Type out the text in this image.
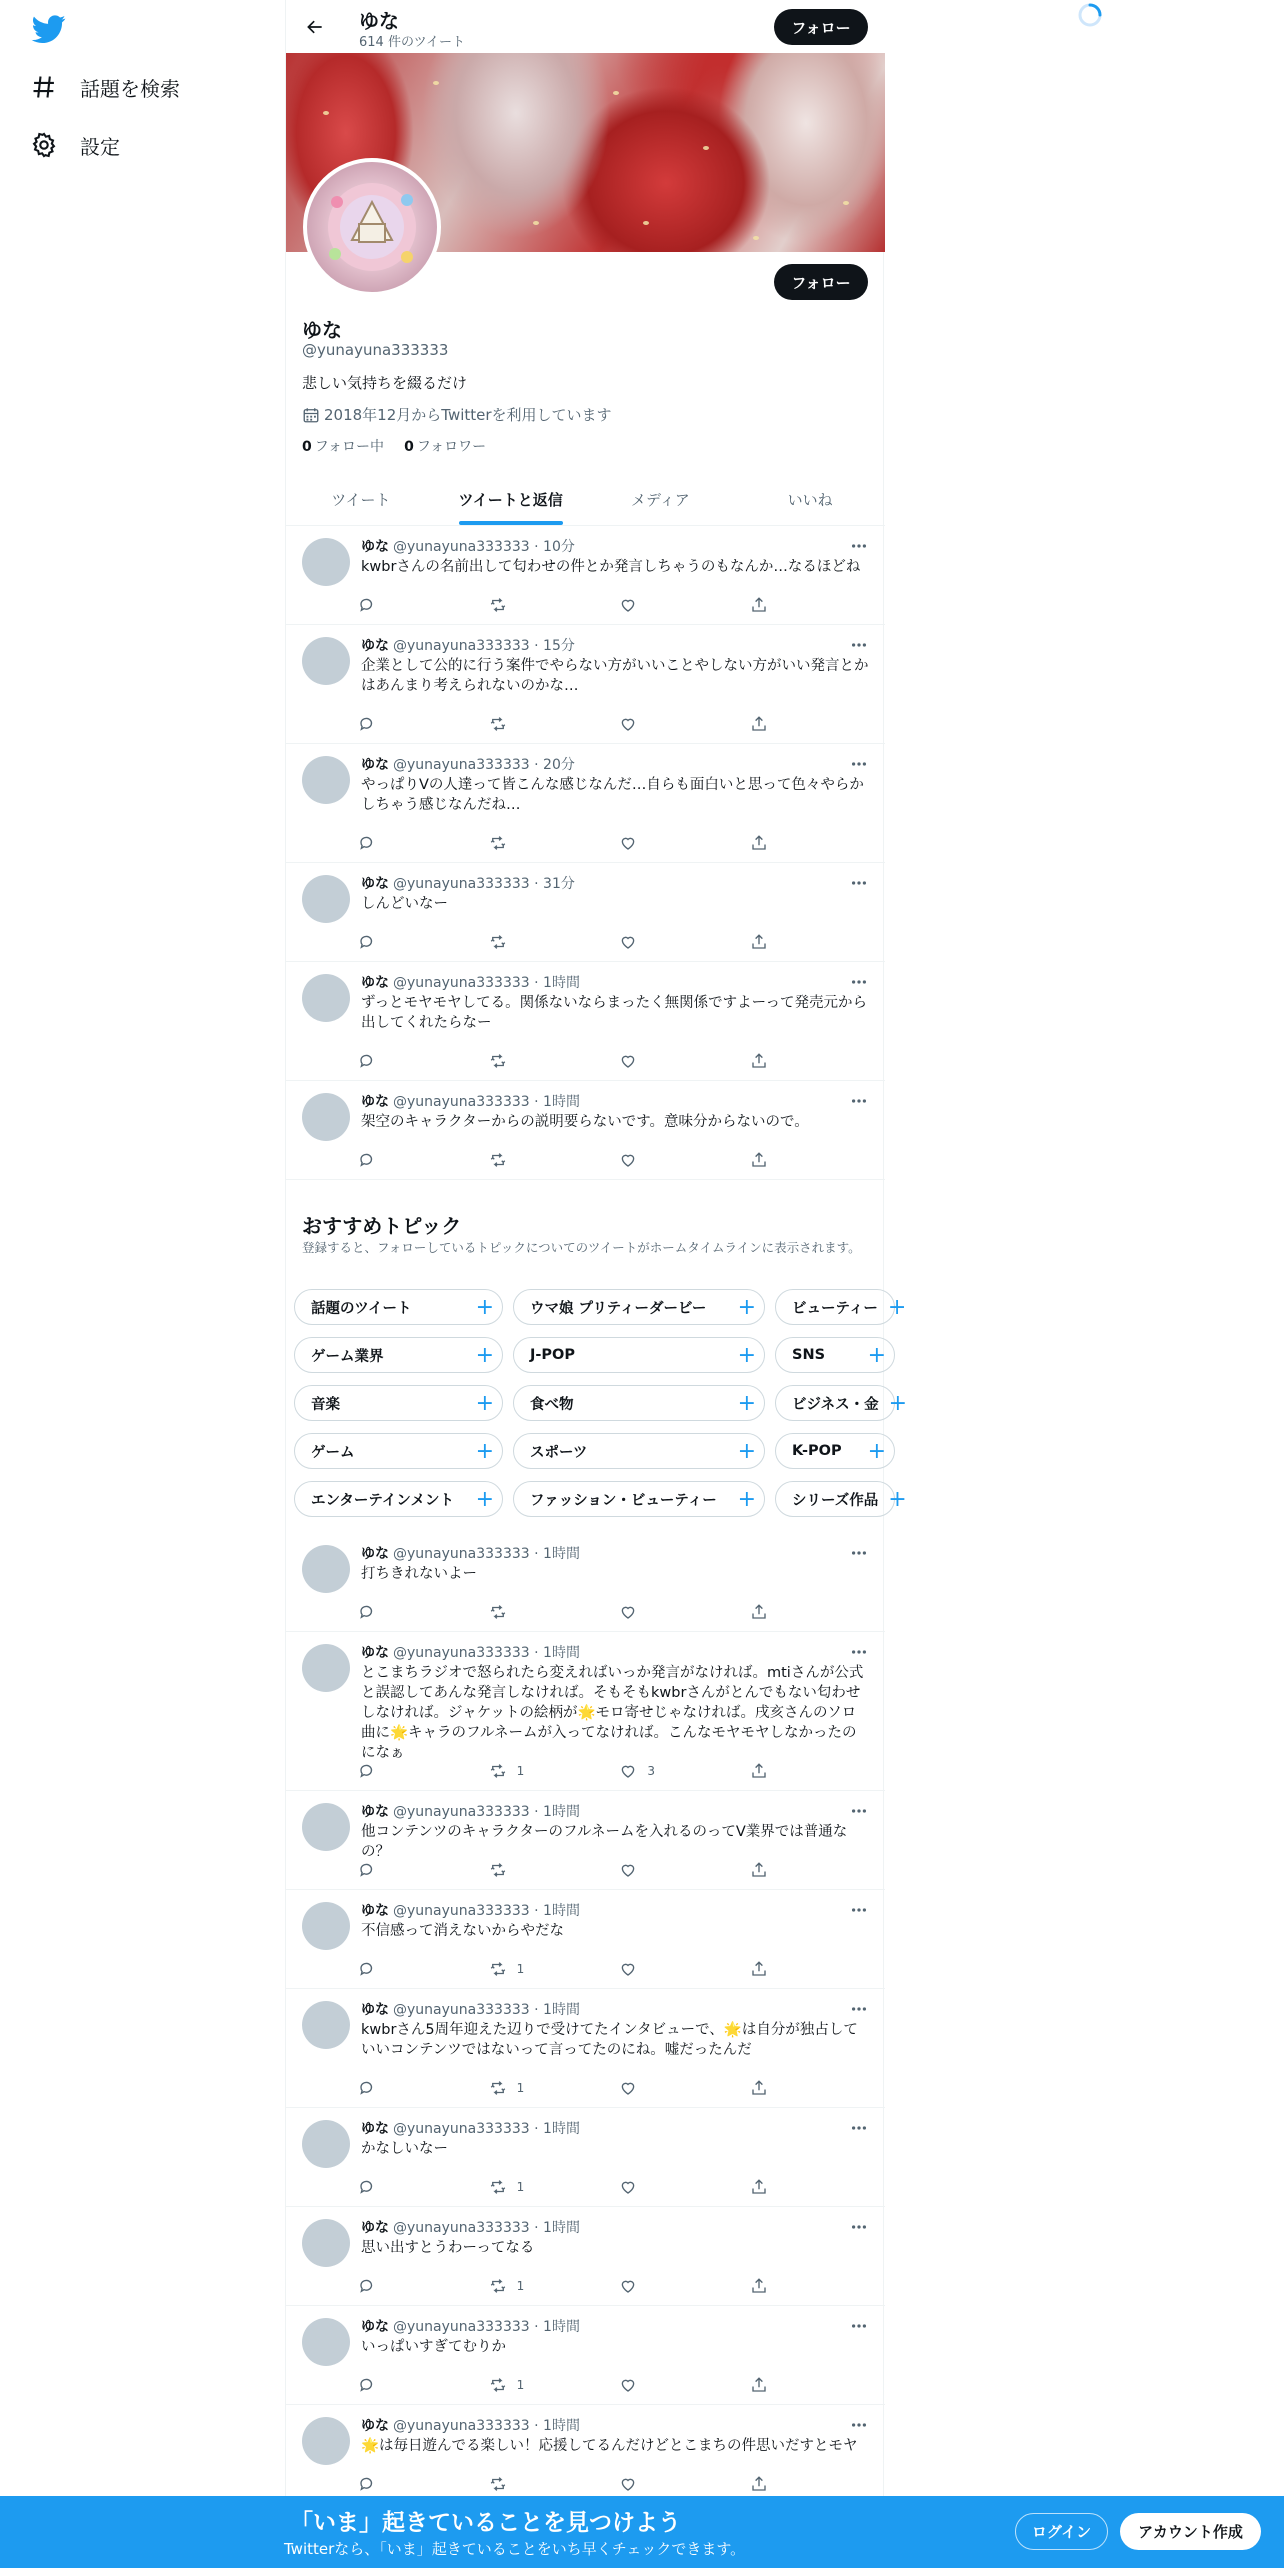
話題を検索
設定
ゆな
614 件のツイート
フォロー
フォロー
ゆな
@yunayuna333333
悲しい気持ちを綴るだけ
2018年12月からTwitterを利用しています
0 フォロー中 0 フォロワー
ツイート	ツイートと返信	メディア	いいね
ゆな @yunayuna333333 · 10分
kwbrさんの名前出して匂わせの件とか発言しちゃうのもなんか…なるほどね
ゆな @yunayuna333333 · 15分
企業として公的に行う案件でやらない方がいいことやしない方がいい発言とかはあんまり考えられないのかな…
ゆな @yunayuna333333 · 20分
やっぱりVの人達って皆こんな感じなんだ…自らも面白いと思って色々やらかしちゃう感じなんだね…
ゆな @yunayuna333333 · 31分
しんどいなー
ゆな @yunayuna333333 · 1時間
ずっとモヤモヤしてる。関係ないならまったく無関係ですよーって発売元から出してくれたらなー
ゆな @yunayuna333333 · 1時間
架空のキャラクターからの説明要らないです。意味分からないので。
おすすめトピック
登録すると、フォローしているトピックについてのツイートがホームタイムラインに表示されます。
話題のツイート	+ ウマ娘 プリティーダービー + ビューティー +
ゲーム業界	+ J-POP	+ SNS +
音楽	+ 食べ物	+ ビジネス・金 +
ゲーム	+ スポーツ	+ K-POP +
エンターテインメント + ファッション・ビューティー + シリーズ作品 +
ゆな @yunayuna333333 · 1時間
打ちきれないよー
ゆな @yunayuna333333 · 1時間
とこまちラジオで怒られたら変えればいっか発言がなければ。mtiさんが公式と誤認してあんな発言しなければ。そもそもkwbrさんがとんでもない匂わせしなければ。ジャケットの絵柄が🌟モロ寄せじゃなければ。戌亥さんのソロ曲に🌟キャラのフルネームが入ってなければ。こんなモヤモヤしなかったのになぁ
1	3
ゆな @yunayuna333333 · 1時間
他コンテンツのキャラクターのフルネームを入れるのってV業界では普通なの？
ゆな @yunayuna333333 · 1時間
不信感って消えないからやだな
1
ゆな @yunayuna333333 · 1時間
kwbrさん5周年迎えた辺りで受けてたインタビューで、🌟は自分が独占していいコンテンツではないって言ってたのにね。嘘だったんだ
1
ゆな @yunayuna333333 · 1時間
かなしいなー
1
ゆな @yunayuna333333 · 1時間
思い出すとうわーってなる
1
ゆな @yunayuna333333 · 1時間
いっぱいすぎてむりか
1
ゆな @yunayuna333333 · 1時間
🌟は毎日遊んでる楽しい！応援してるんだけどとこまちの件思いだすとモヤ
「いま」起きていることを見つけよう
Twitterなら、「いま」起きていることをいち早くチェックできます。
ログイン	アカウント作成
